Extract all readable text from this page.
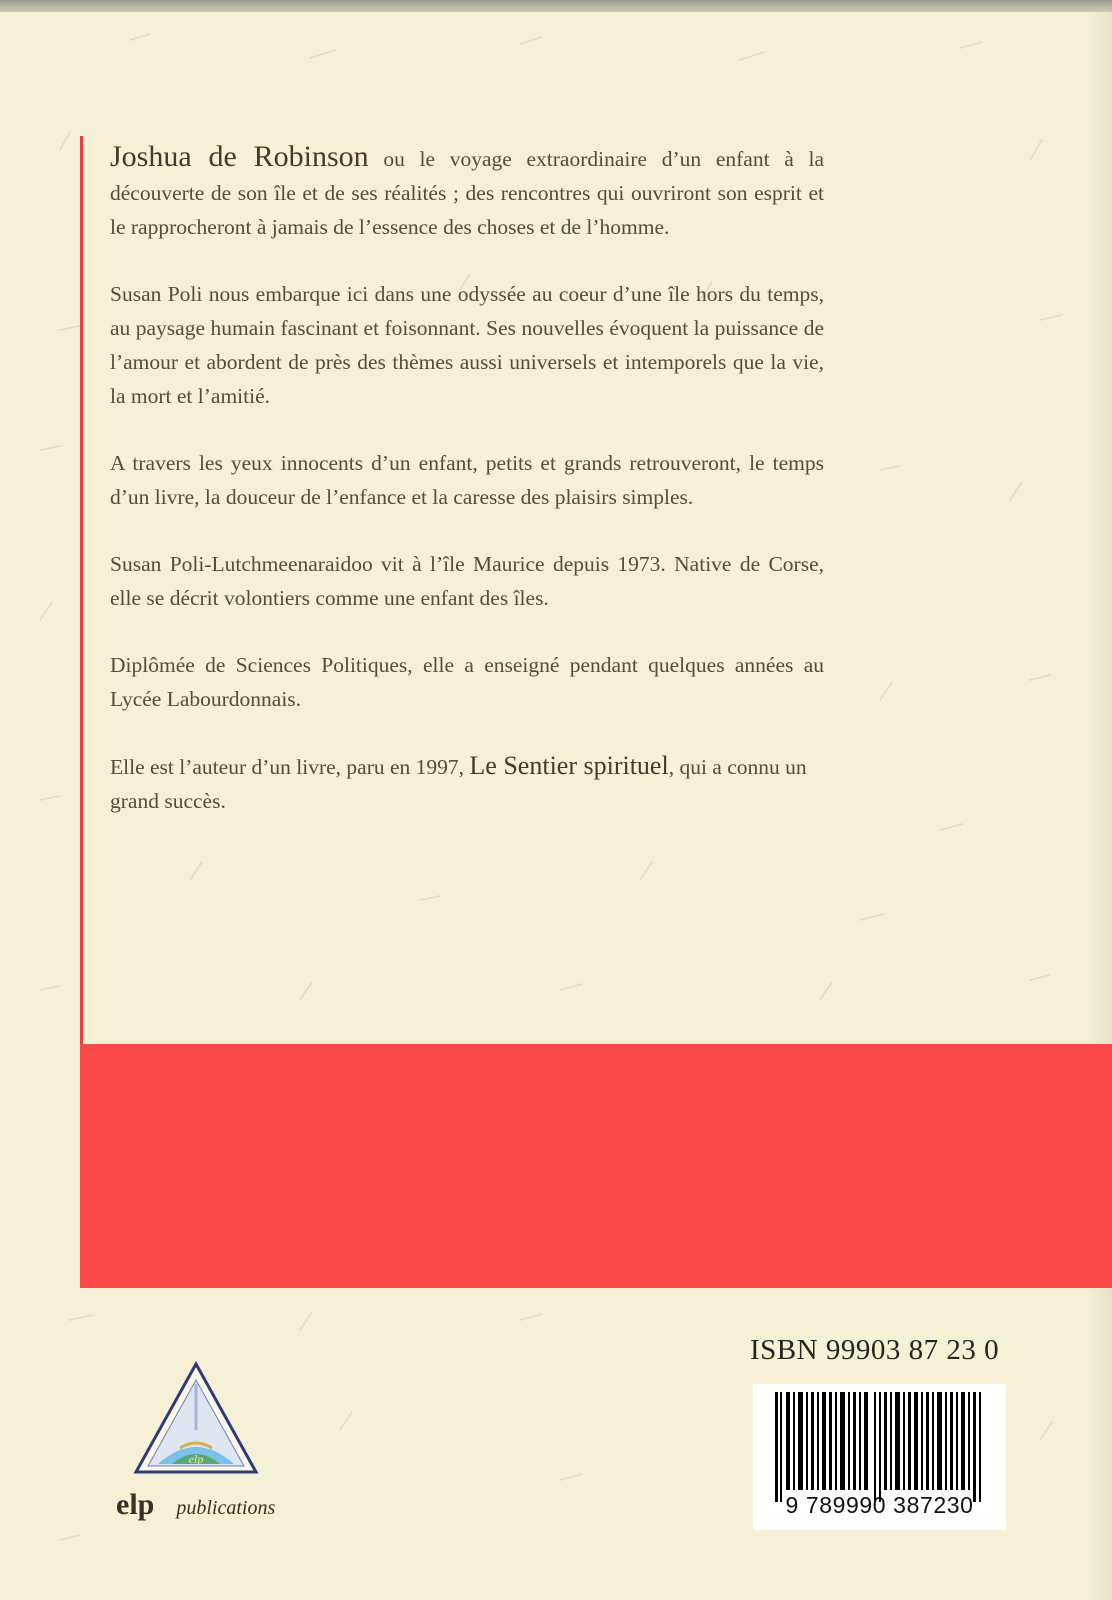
Joshua de Robinson ou le voyage extraordinaire d’un enfant à la découverte de son île et de ses réalités ; des rencontres qui ouvriront son esprit et le rapprocheront à jamais de l’essence des choses et de l’homme.

Susan Poli nous embarque ici dans une odyssée au coeur d’une île hors du temps, au paysage humain fascinant et foisonnant. Ses nouvelles évoquent la puissance de l’amour et abordent de près des thèmes aussi universels et intemporels que la vie, la mort et l’amitié.

A travers les yeux innocents d’un enfant, petits et grands retrouveront, le temps d’un livre, la douceur de l’enfance et la caresse des plaisirs simples.

Susan Poli-Lutchmeenaraidoo vit à l’île Maurice depuis 1973. Native de Corse, elle se décrit volontiers comme une enfant des îles.

Diplômée de Sciences Politiques, elle a enseigné pendant quelques années au Lycée Labourdonnais.

Elle est l’auteur d’un livre, paru en 1997, Le Sentier spirituel, qui a connu un grand succès.

elp
elp publications
ISBN 99903 87 23 0
9 789990 387230
